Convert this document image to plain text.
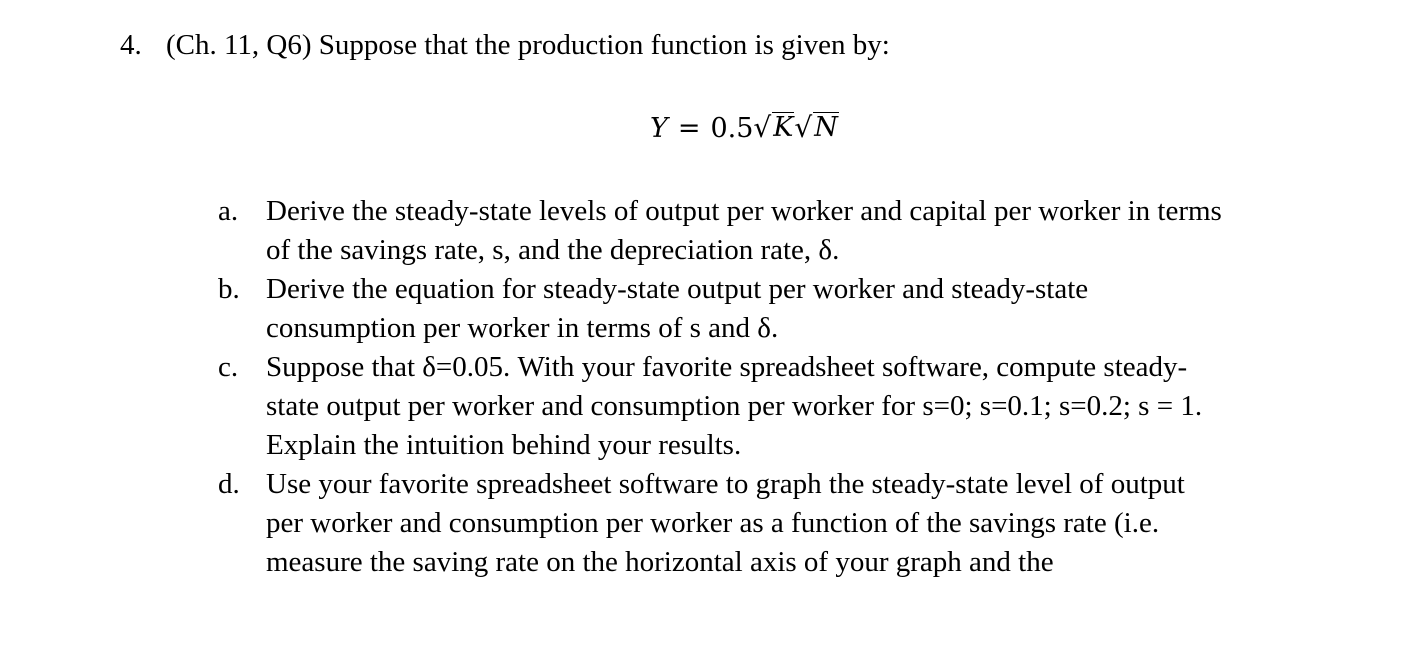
4. (Ch. 11, Q6) Suppose that the production function is given by:
Y = 0.5 √ K √ N
a. Derive the steady-state levels of output per worker and capital per worker in terms
of the savings rate, s, and the depreciation rate, δ.
b. Derive the equation for steady-state output per worker and steady-state
consumption per worker in terms of s and δ.
c. Suppose that δ=0.05. With your favorite spreadsheet software, compute steady-
state output per worker and consumption per worker for s=0; s=0.1; s=0.2; s = 1.
Explain the intuition behind your results.
d. Use your favorite spreadsheet software to graph the steady-state level of output
per worker and consumption per worker as a function of the savings rate (i.e.
measure the saving rate on the horizontal axis of your graph and the
